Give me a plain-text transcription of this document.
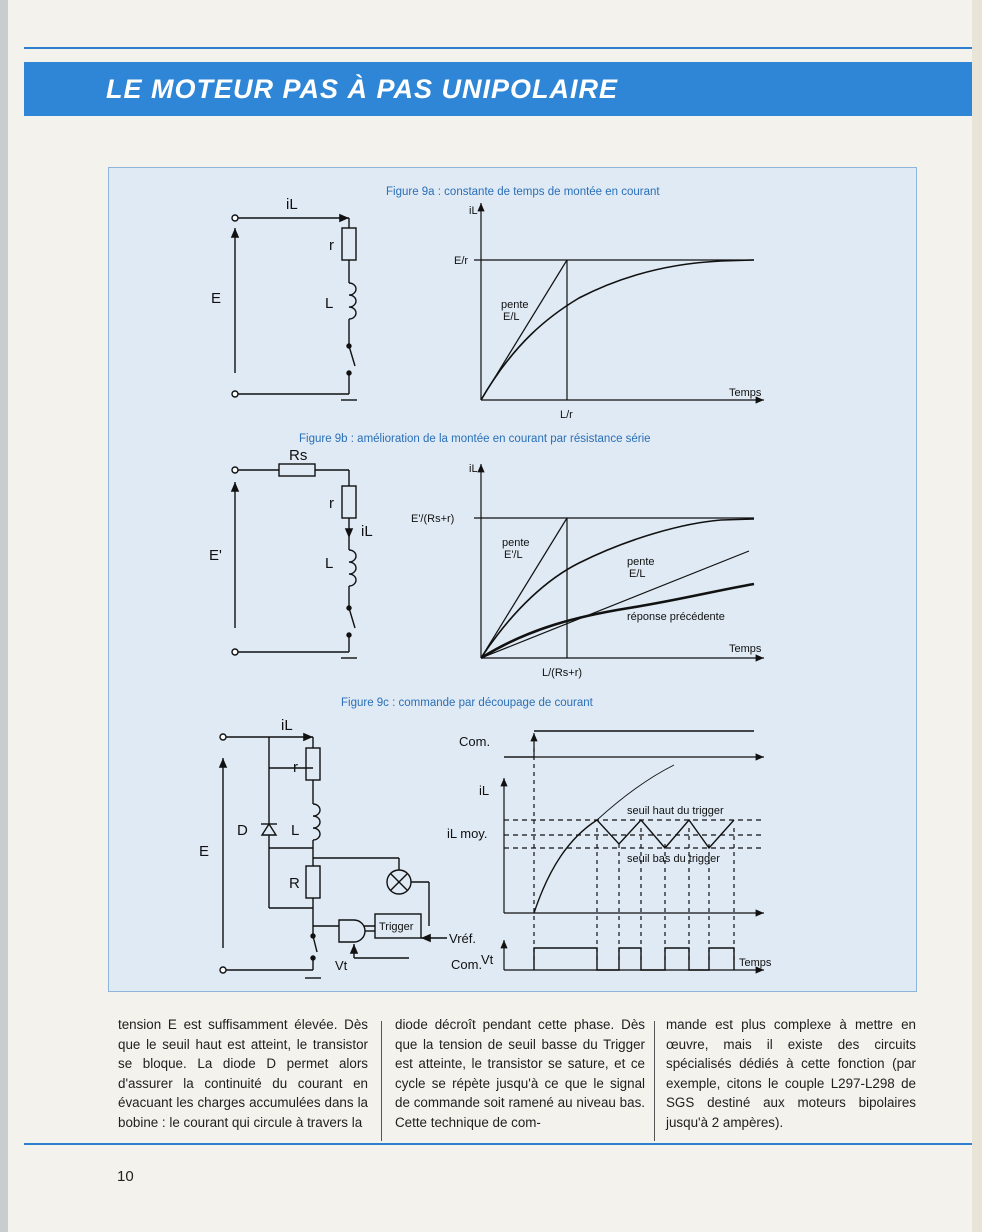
LE MOTEUR PAS À PAS UNIPOLAIRE
Figure 9a : constante de temps de montée en courant
iL
r
E	L
iL
E/r
pente
E/L
Temps
L/r
Figure 9b : amélioration de la montée en courant par résistance série
Rs
r
iL
E'	L
iL
E'/(Rs+r)
pente
E'/L
pente
E/L
réponse précédente
Temps
L/(Rs+r)
Figure 9c : commande par découpage de courant
iL
r
D	L
E
R
Trigger
Vréf.
Vt	Com.
Com.
iL
iL moy.
seuil haut du trigger
seuil bas du trigger
Vt	Temps
tension E est suffisamment élevée. Dès que le seuil haut est atteint, le transistor se bloque. La diode D permet alors d'assurer la continuité du courant en évacuant les charges accumulées dans la bobine : le courant qui circule à travers la
diode décroît pendant cette phase. Dès que la tension de seuil basse du Trigger est atteinte, le transistor se sature, et ce cycle se répète jusqu'à ce que le signal de commande soit ramené au niveau bas. Cette technique de com-
mande est plus complexe à mettre en œuvre, mais il existe des circuits spécialisés dédiés à cette fonction (par exemple, citons le couple L297-L298 de SGS destiné aux moteurs bipolaires jusqu'à 2 ampères).
10
